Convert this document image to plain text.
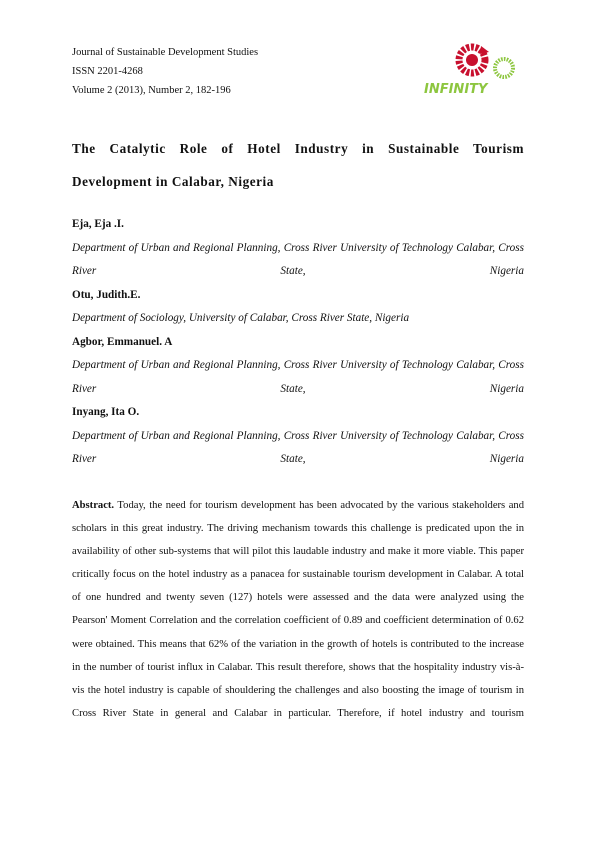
Journal of Sustainable Development Studies
ISSN 2201-4268
Volume 2 (2013), Number 2, 182-196	INFINITY
The Catalytic Role of Hotel Industry in Sustainable Tourism Development in Calabar, Nigeria
Eja, Eja .I.
Department of Urban and Regional Planning, Cross River University of Technology Calabar, Cross River State, Nigeria
Otu, Judith.E.
Department of Sociology, University of Calabar, Cross River State, Nigeria
Agbor, Emmanuel. A
Department of Urban and Regional Planning, Cross River University of Technology Calabar, Cross River State, Nigeria
Inyang, Ita O.
Department of Urban and Regional Planning, Cross River University of Technology Calabar, Cross River State, Nigeria
Abstract. Today, the need for tourism development has been advocated by the various stakeholders and scholars in this great industry. The driving mechanism towards this challenge is predicated upon the in availability of other sub-systems that will pilot this laudable industry and make it more viable. This paper critically focus on the hotel industry as a panacea for sustainable tourism development in Calabar. A total of one hundred and twenty seven (127) hotels were assessed and the data were analyzed using the Pearson' Moment Correlation and the correlation coefficient of 0.89 and coefficient determination of 0.62 were obtained. This means that 62% of the variation in the growth of hotels is contributed to the increase in the number of tourist influx in Calabar. This result therefore, shows that the hospitality industry vis-à-vis the hotel industry is capable of shouldering the challenges and also boosting the image of tourism in Cross River State in general and Calabar in particular. Therefore, if hotel industry and tourism
